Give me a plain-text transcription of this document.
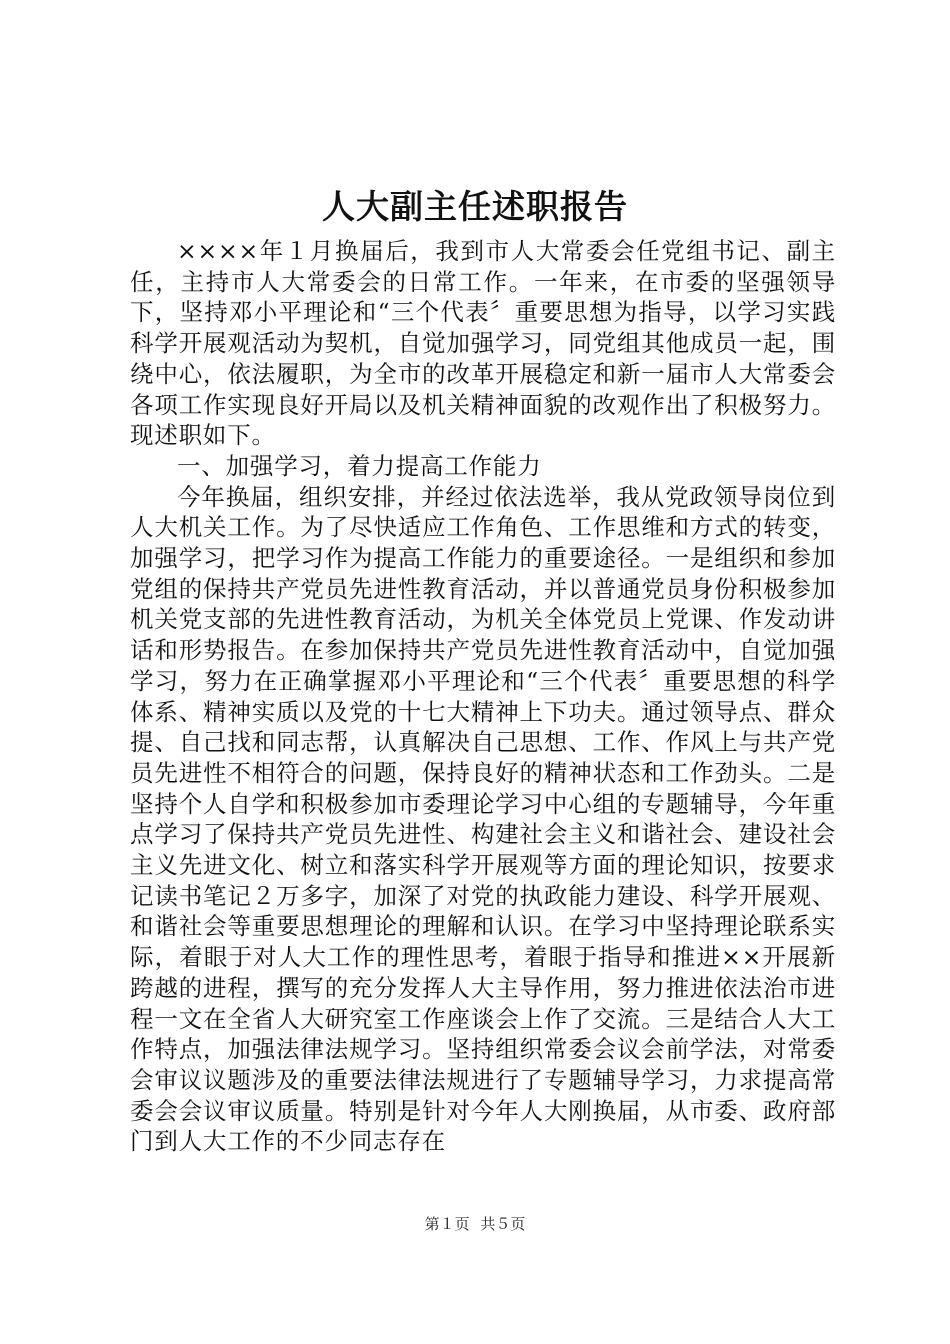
人大副主任述职报告

××××年１月换届后，我到市人大常委会任党组书记、副主任，主持市人大常委会的日常工作。一年来，在市委的坚强领导下，坚持邓小平理论和“三个代表〞重要思想为指导，以学习实践科学开展观活动为契机，自觉加强学习，同党组其他成员一起，围绕中心，依法履职，为全市的改革开展稳定和新一届市人大常委会各项工作实现良好开局以及机关精神面貌的改观作出了积极努力。现述职如下。

一、加强学习，着力提高工作能力

今年换届，组织安排，并经过依法选举，我从党政领导岗位到人大机关工作。为了尽快适应工作角色、工作思维和方式的转变，加强学习，把学习作为提高工作能力的重要途径。一是组织和参加党组的保持共产党员先进性教育活动，并以普通党员身份积极参加机关党支部的先进性教育活动，为机关全体党员上党课、作发动讲话和形势报告。在参加保持共产党员先进性教育活动中，自觉加强学习，努力在正确掌握邓小平理论和“三个代表〞重要思想的科学体系、精神实质以及党的十七大精神上下功夫。通过领导点、群众提、自己找和同志帮，认真解决自己思想、工作、作风上与共产党员先进性不相符合的问题，保持良好的精神状态和工作劲头。二是坚持个人自学和积极参加市委理论学习中心组的专题辅导，今年重点学习了保持共产党员先进性、构建社会主义和谐社会、建设社会主义先进文化、树立和落实科学开展观等方面的理论知识，按要求记读书笔记２万多字，加深了对党的执政能力建设、科学开展观、和谐社会等重要思想理论的理解和认识。在学习中坚持理论联系实际，着眼于对人大工作的理性思考，着眼于指导和推进××开展新跨越的进程，撰写的充分发挥人大主导作用，努力推进依法治市进程一文在全省人大研究室工作座谈会上作了交流。三是结合人大工作特点，加强法律法规学习。坚持组织常委会议会前学法，对常委会审议议题涉及的重要法律法规进行了专题辅导学习，力求提高常委会会议审议质量。特别是针对今年人大刚换届，从市委、政府部门到人大工作的不少同志存在

第１页 共５页
